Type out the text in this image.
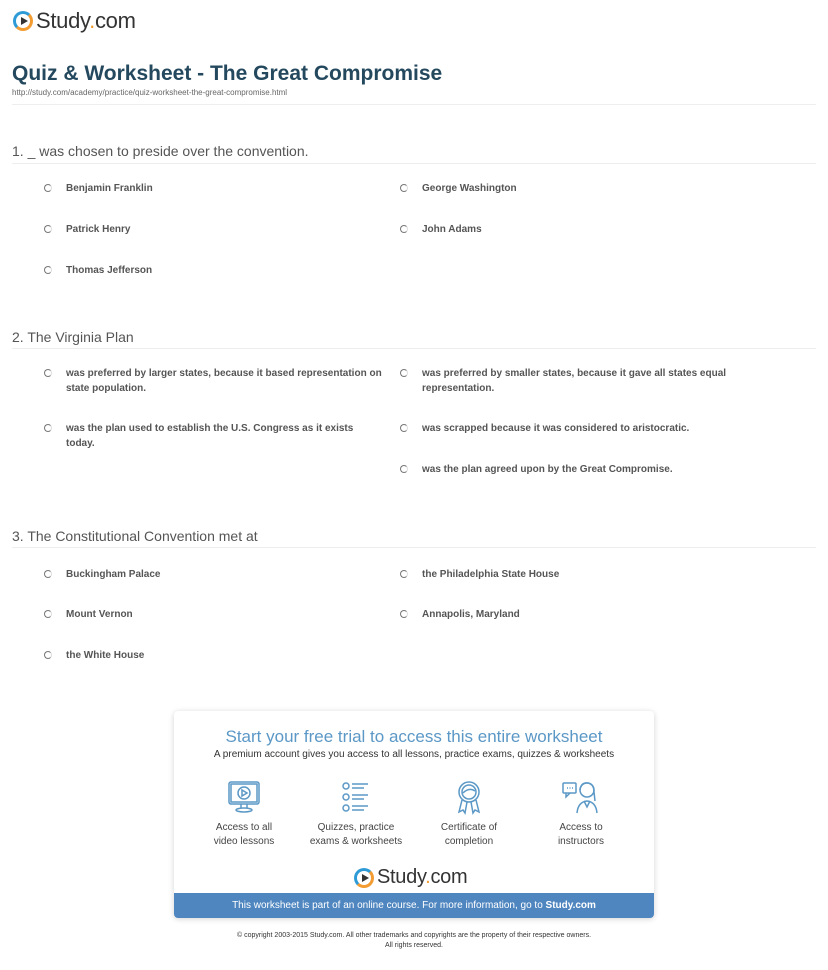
Study.com
Quiz & Worksheet - The Great Compromise
http://study.com/academy/practice/quiz-worksheet-the-great-compromise.html
1. _ was chosen to preside over the convention.
Benjamin Franklin	George Washington
Patrick Henry	John Adams
Thomas Jefferson
2. The Virginia Plan
was preferred by larger states, because it based representation on state population.
was preferred by smaller states, because it gave all states equal representation.
was the plan used to establish the U.S. Congress as it exists today.
was scrapped because it was considered to aristocratic.
was the plan agreed upon by the Great Compromise.
3. The Constitutional Convention met at
Buckingham Palace	the Philadelphia State House
Mount Vernon	Annapolis, Maryland
the White House
Start your free trial to access this entire worksheet
A premium account gives you access to all lessons, practice exams, quizzes & worksheets
Access to all
video lessons
Quizzes, practice
exams & worksheets
Certificate of
completion
Access to
instructors
Study.com
This worksheet is part of an online course. For more information, go to Study.com
© copyright 2003-2015 Study.com. All other trademarks and copyrights are the property of their respective owners.
All rights reserved.
